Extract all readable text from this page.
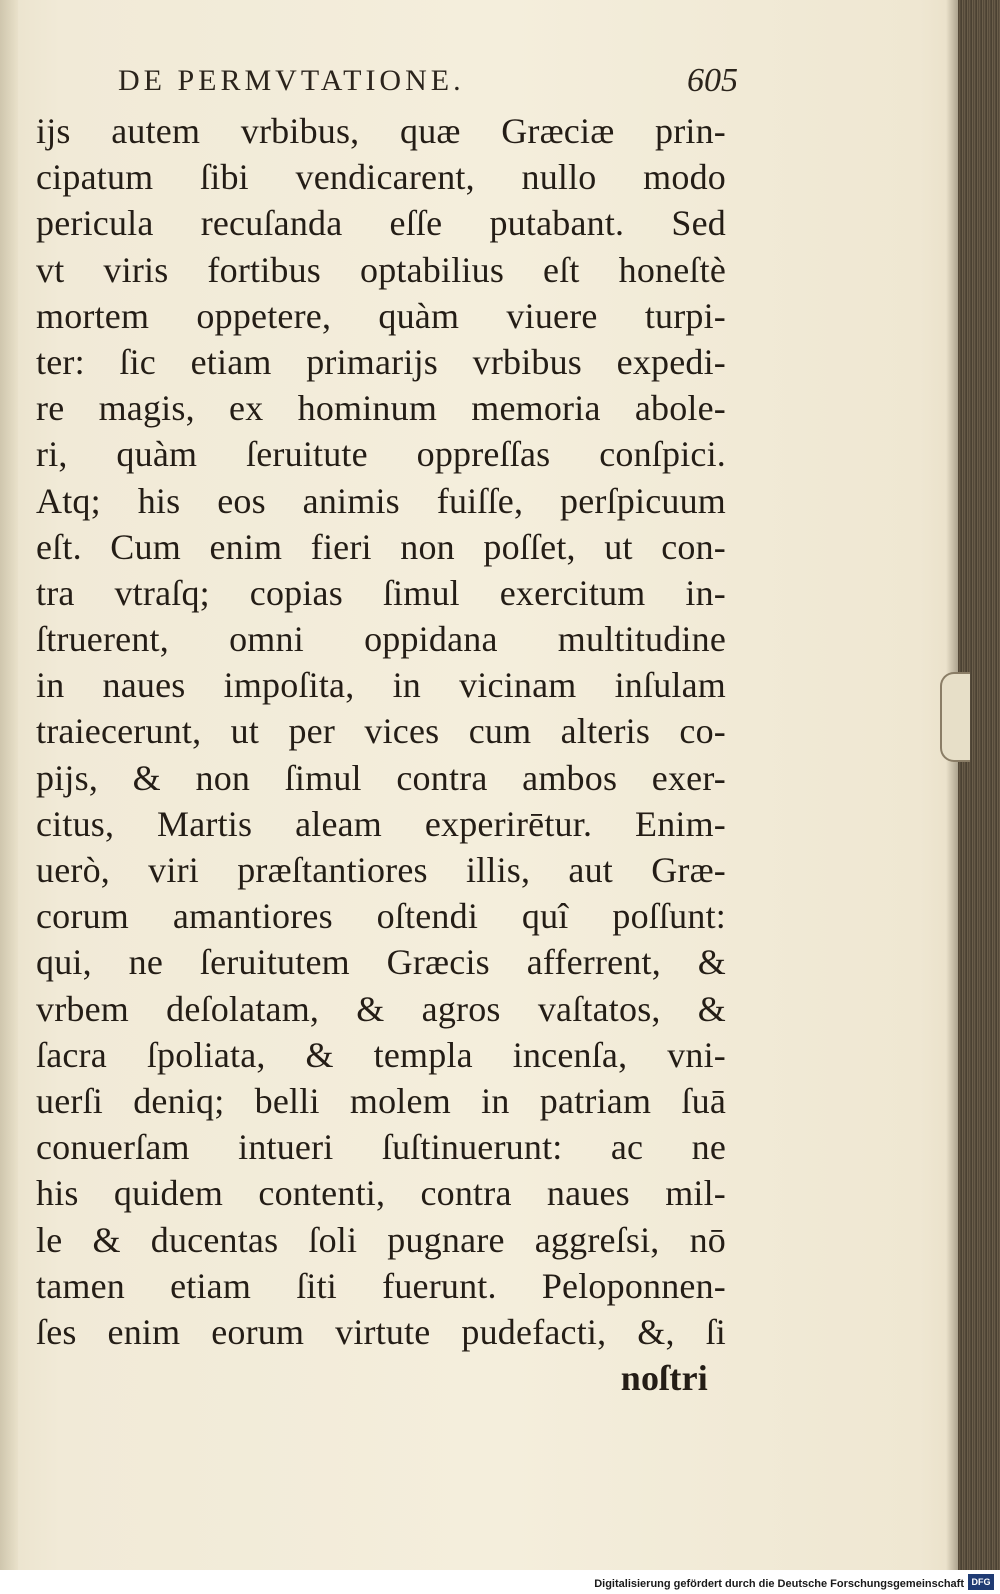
DE PERMVTATIONE.	605
ijs autem vrbibus, quæ Græciæ prin-
cipatum ſibi vendicarent, nullo modo
pericula recuſanda eſſe putabant. Sed
vt viris fortibus optabilius eſt honeſtè
mortem oppetere, quàm viuere turpi-
ter: ſic etiam primarijs vrbibus expedi-
re magis, ex hominum memoria abole-
ri, quàm ſeruitute oppreſſas conſpici.
Atq; his eos animis fuiſſe, perſpicuum
eſt. Cum enim fieri non poſſet, ut con-
tra vtraſq; copias ſimul exercitum in-
ſtruerent, omni oppidana multitudine
in naues impoſita, in vicinam inſulam
traiecerunt, ut per vices cum alteris co-
pijs, & non ſimul contra ambos exer-
citus, Martis aleam experirētur. Enim-
uerò, viri præſtantiores illis, aut Græ-
corum amantiores oſtendi quî poſſunt:
qui, ne ſeruitutem Græcis afferrent, &
vrbem deſolatam, & agros vaſtatos, &
ſacra ſpoliata, & templa incenſa, vni-
uerſi deniq; belli molem in patriam ſuā
conuerſam intueri ſuſtinuerunt: ac ne
his quidem contenti, contra naues mil-
le & ducentas ſoli pugnare aggreſsi, nō
tamen etiam ſiti fuerunt. Peloponnen-
ſes enim eorum virtute pudefacti, &, ſi
noſtri
Digitalisierung gefördert durch die Deutsche Forschungsgemeinschaft DFG
